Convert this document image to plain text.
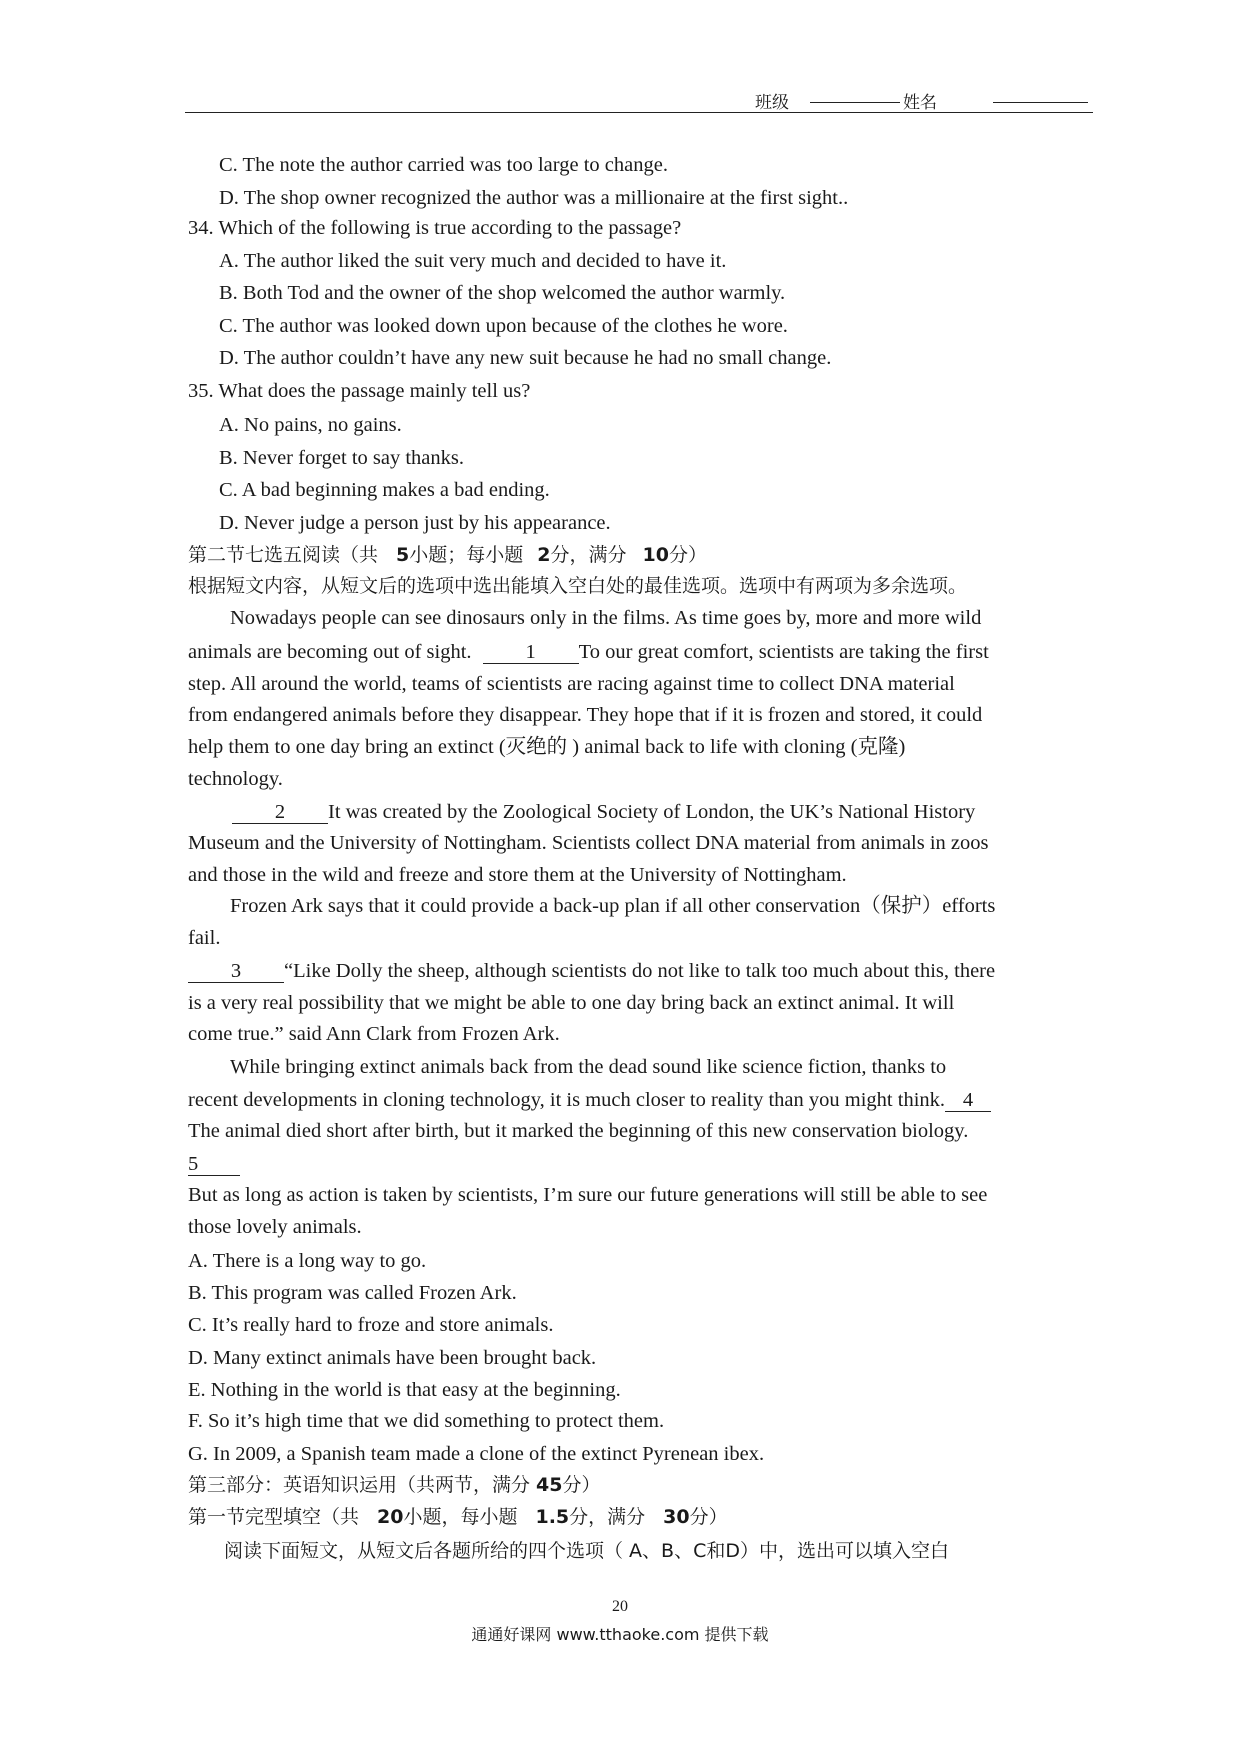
班级	姓名
C. The note the author carried was too large to change.
D. The shop owner recognized the author was a millionaire at the first sight..
34. Which of the following is true according to the passage?
A. The author liked the suit very much and decided to have it.
B. Both Tod and the owner of the shop welcomed the author warmly.
C. The author was looked down upon because of the clothes he wore.
D. The author couldn’t have any new suit because he had no small change.
35. What does the passage mainly tell us?
A. No pains, no gains.
B. Never forget to say thanks.
C. A bad beginning makes a bad ending.
D. Never judge a person just by his appearance.
第二节七选五阅读（共 5小题；每小题 2分，满分 10分）
根据短文内容，从短文后的选项中选出能填入空白处的最佳选项。选项中有两项为多余选项。
Nowadays people can see dinosaurs only in the films. As time goes by, more and more wild
animals are becoming out of sight.	1 To our great comfort, scientists are taking the first
step. All around the world, teams of scientists are racing against time to collect DNA material
from endangered animals before they disappear. They hope that if it is frozen and stored, it could
help them to one day bring an extinct (灭绝的 ) animal back to life with cloning (克隆)
technology.
2 It was created by the Zoological Society of London, the UK’s National History
Museum and the University of Nottingham. Scientists collect DNA material from animals in zoos
and those in the wild and freeze and store them at the University of Nottingham.
Frozen Ark says that it could provide a back-up plan if all other conservation（保护）efforts
fail.
3 “Like Dolly the sheep, although scientists do not like to talk too much about this, there
is a very real possibility that we might be able to one day bring back an extinct animal. It will
come true.” said Ann Clark from Frozen Ark.
While bringing extinct animals back from the dead sound like science fiction, thanks to
recent developments in cloning technology, it is much closer to reality than you might think. 4
The animal died short after birth, but it marked the beginning of this new conservation biology.
5
But as long as action is taken by scientists, I’m sure our future generations will still be able to see
those lovely animals.
A. There is a long way to go.
B. This program was called Frozen Ark.
C. It’s really hard to froze and store animals.
D. Many extinct animals have been brought back.
E. Nothing in the world is that easy at the beginning.
F. So it’s high time that we did something to protect them.
G. In 2009, a Spanish team made a clone of the extinct Pyrenean ibex.
第三部分：英语知识运用（共两节，满分 45分）
第一节完型填空（共 20小题，每小题 1.5分，满分 30分）
阅读下面短文，从短文后各题所给的四个选项（ A、B、C和D）中，选出可以填入空白
20
通通好课网 www.tthaoke.com 提供下载
